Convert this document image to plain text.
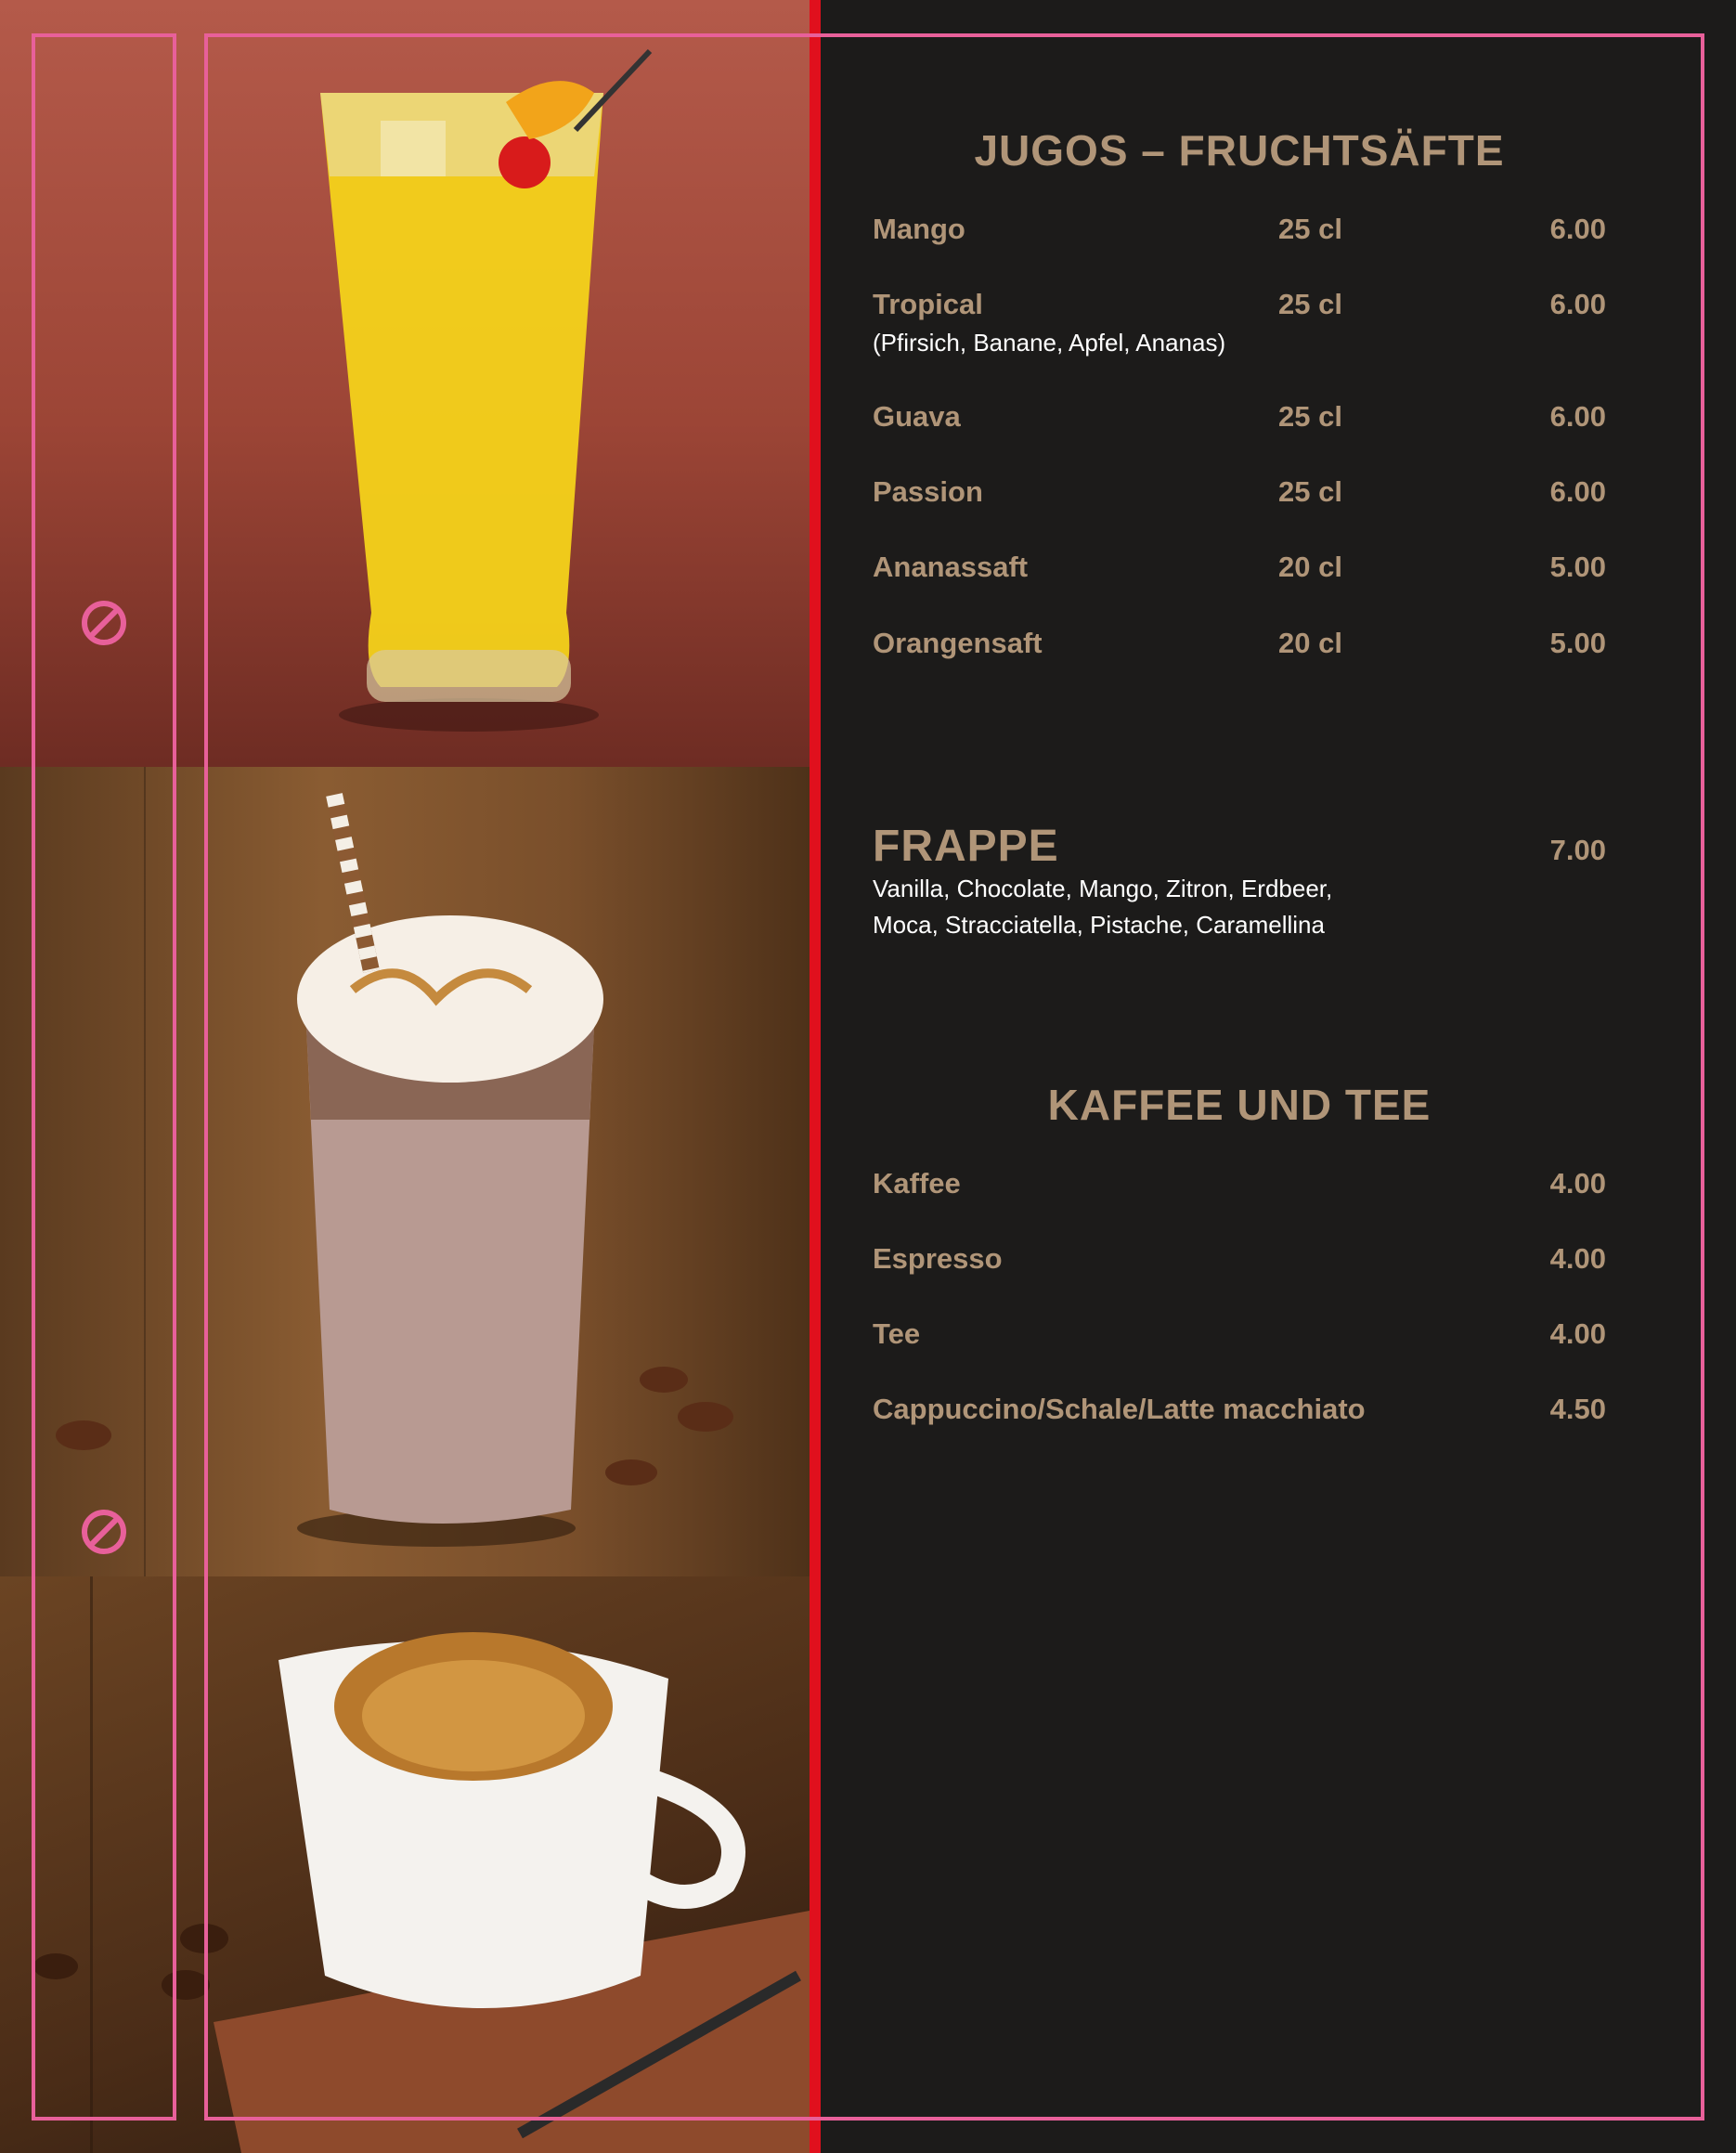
JUGOS – FRUCHTSÄFTE
Mango	25 cl	6.00
Tropical	25 cl	6.00
(Pfirsich, Banane, Apfel, Ananas)
Guava	25 cl	6.00
Passion	25 cl	6.00
Ananassaft	20 cl	5.00
Orangensaft	20 cl	5.00
FRAPPE	7.00
Vanilla, Chocolate, Mango, Zitron, Erdbeer,
Moca, Stracciatella, Pistache, Caramellina
KAFFEE UND TEE
Kaffee	4.00
Espresso	4.00
Tee	4.00
Cappuccino/Schale/Latte macchiato	4.50
